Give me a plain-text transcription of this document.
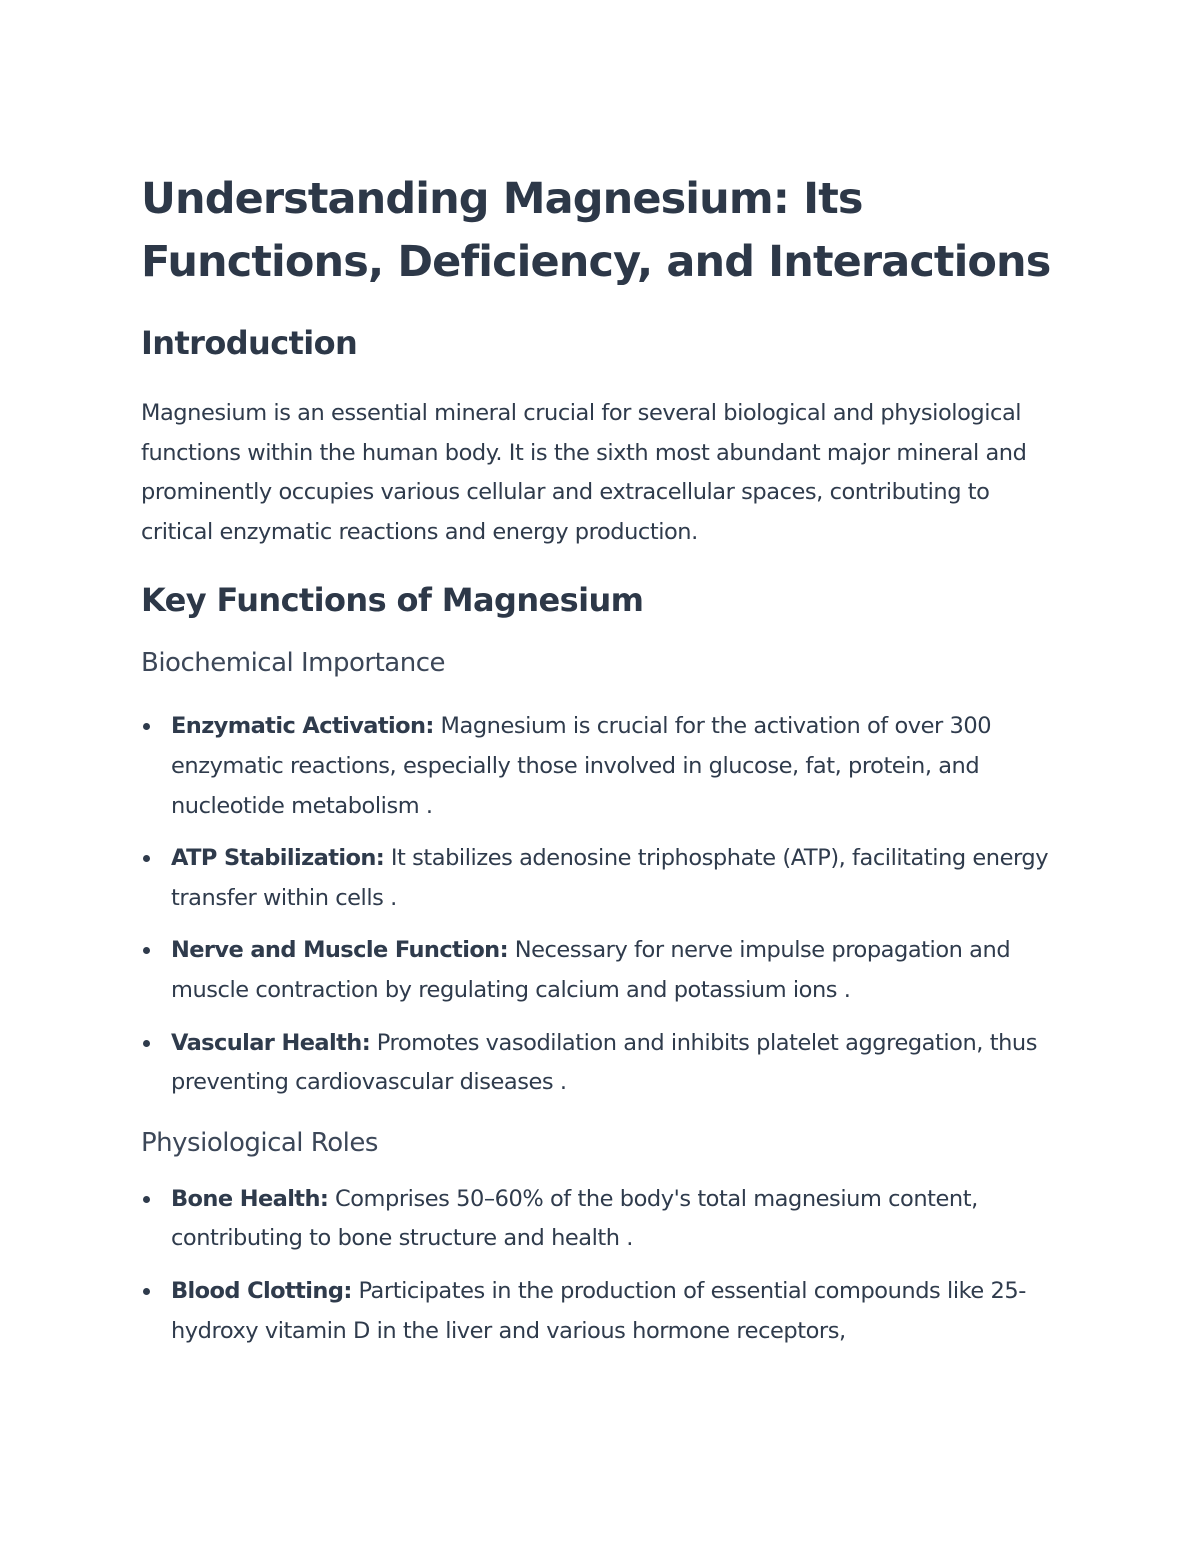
Understanding Magnesium: Its Functions, Deficiency, and Interactions
Introduction

Magnesium is an essential mineral crucial for several biological and physiological functions within the human body. It is the sixth most abundant major mineral and prominently occupies various cellular and extracellular spaces, contributing to critical enzymatic reactions and energy production.

Key Functions of Magnesium
Biochemical Importance
Enzymatic Activation: Magnesium is crucial for the activation of over 300 enzymatic reactions, especially those involved in glucose, fat, protein, and nucleotide metabolism .
ATP Stabilization: It stabilizes adenosine triphosphate (ATP), facilitating energy transfer within cells .
Nerve and Muscle Function: Necessary for nerve impulse propagation and muscle contraction by regulating calcium and potassium ions .
Vascular Health: Promotes vasodilation and inhibits platelet aggregation, thus preventing cardiovascular diseases .
Physiological Roles
Bone Health: Comprises 50–60% of the body's total magnesium content, contributing to bone structure and health .
Blood Clotting: Participates in the production of essential compounds like 25-hydroxy vitamin D in the liver and various hormone receptors,
